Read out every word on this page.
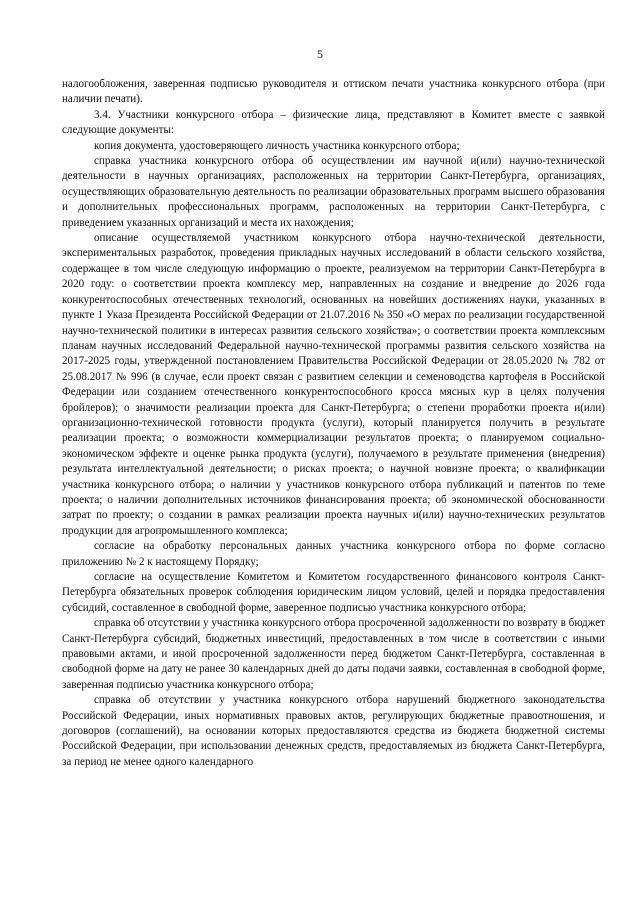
5

налогообложения, заверенная подписью руководителя и оттиском печати участника конкурсного отбора (при наличии печати).

3.4. Участники конкурсного отбора – физические лица, представляют в Комитет вместе с заявкой следующие документы:

копия документа, удостоверяющего личность участника конкурсного отбора;

справка участника конкурсного отбора об осуществлении им научной и(или) научно-технической деятельности в научных организациях, расположенных на территории Санкт-Петербурга, организациях, осуществляющих образовательную деятельность по реализации образовательных программ высшего образования и дополнительных профессиональных программ, расположенных на территории Санкт-Петербурга, с приведением указанных организаций и места их нахождения;

описание осуществляемой участником конкурсного отбора научно-технической деятельности, экспериментальных разработок, проведения прикладных научных исследований в области сельского хозяйства, содержащее в том числе следующую информацию о проекте, реализуемом на территории Санкт-Петербурга в 2020 году: о соответствии проекта комплексу мер, направленных на создание и внедрение до 2026 года конкурентоспособных отечественных технологий, основанных на новейших достижениях науки, указанных в пункте 1 Указа Президента Российской Федерации от 21.07.2016 № 350 «О мерах по реализации государственной научно-технической политики в интересах развития сельского хозяйства»; о соответствии проекта комплексным планам научных исследований Федеральной научно-технической программы развития сельского хозяйства на 2017-2025 годы, утвержденной постановлением Правительства Российской Федерации от 28.05.2020 № 782 от 25.08.2017 № 996 (в случае, если проект связан с развитием селекции и семеноводства картофеля в Российской Федерации или созданием отечественного конкурентоспособного кросса мясных кур в целях получения бройлеров); о значимости реализации проекта для Санкт-Петербурга; о степени проработки проекта и(или) организационно-технической готовности продукта (услуги), который планируется получить в результате реализации проекта; о возможности коммерциализации результатов проекта; о планируемом социально-экономическом эффекте и оценке рынка продукта (услуги), получаемого в результате применения (внедрения) результата интеллектуальной деятельности; о рисках проекта; о научной новизне проекта; о квалификации участника конкурсного отбора; о наличии у участников конкурсного отбора публикаций и патентов по теме проекта; о наличии дополнительных источников финансирования проекта; об экономической обоснованности затрат по проекту; о создании в рамках реализации проекта научных и(или) научно-технических результатов продукции для агропромышленного комплекса;

согласие на обработку персональных данных участника конкурсного отбора по форме согласно приложению № 2 к настоящему Порядку;

согласие на осуществление Комитетом и Комитетом государственного финансового контроля Санкт-Петербурга обязательных проверок соблюдения юридическим лицом условий, целей и порядка предоставления субсидий, составленное в свободной форме, заверенное подписью участника конкурсного отбора;

справка об отсутствии у участника конкурсного отбора просроченной задолженности по возврату в бюджет Санкт-Петербурга субсидий, бюджетных инвестиций, предоставленных в том числе в соответствии с иными правовыми актами, и иной просроченной задолженности перед бюджетом Санкт-Петербурга, составленная в свободной форме на дату не ранее 30 календарных дней до даты подачи заявки, составленная в свободной форме, заверенная подписью участника конкурсного отбора;

справка об отсутствии у участника конкурсного отбора нарушений бюджетного законодательства Российской Федерации, иных нормативных правовых актов, регулирующих бюджетные правоотношения, и договоров (соглашений), на основании которых предоставляются средства из бюджета бюджетной системы Российской Федерации, при использовании денежных средств, предоставляемых из бюджета Санкт-Петербурга, за период не менее одного календарного
